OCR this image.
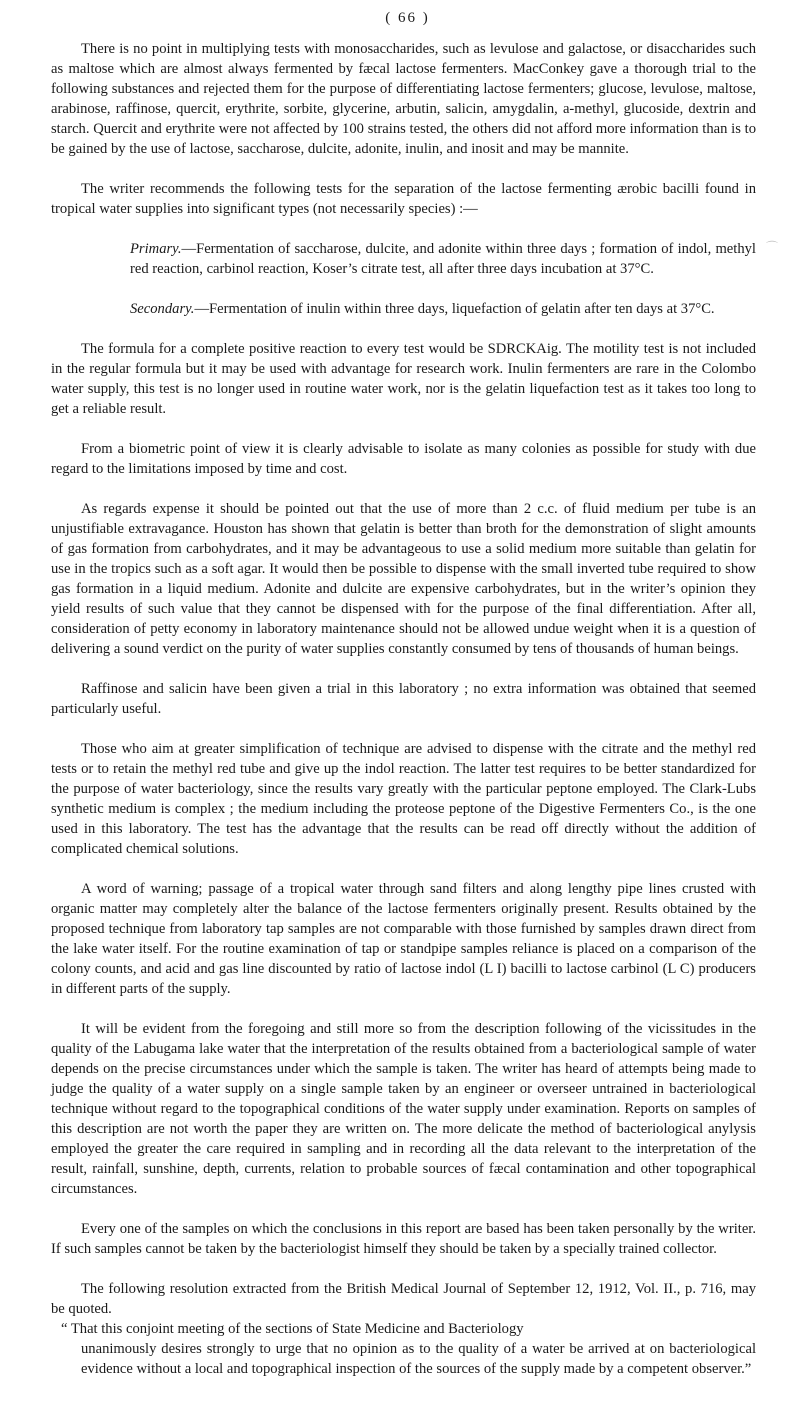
( 66 )

There is no point in multiplying tests with monosaccharides, such as levulose and galactose, or disaccharides such as maltose which are almost always fermented by fæcal lactose fermenters. MacConkey gave a thorough trial to the following substances and rejected them for the purpose of differentiating lactose fermenters; glucose, levulose, maltose, arabinose, raffinose, quercit, erythrite, sorbite, glycerine, arbutin, salicin, amygdalin, a-methyl, glucoside, dextrin and starch. Quercit and erythrite were not affected by 100 strains tested, the others did not afford more information than is to be gained by the use of lactose, saccharose, dulcite, adonite, inulin, and inosit and may be mannite.

The writer recommends the following tests for the separation of the lactose fermenting ærobic bacilli found in tropical water supplies into significant types (not necessarily species) :—

Primary.—Fermentation of saccharose, dulcite, and adonite within three days ; formation of indol, methyl red reaction, carbinol reaction, Koser’s citrate test, all after three days incubation at 37°C.

Secondary.—Fermentation of inulin within three days, liquefaction of gelatin after ten days at 37°C.

The formula for a complete positive reaction to every test would be SDRCKAig. The motility test is not included in the regular formula but it may be used with advantage for research work. Inulin fermenters are rare in the Colombo water supply, this test is no longer used in routine water work, nor is the gelatin liquefaction test as it takes too long to get a reliable result.

From a biometric point of view it is clearly advisable to isolate as many colonies as possible for study with due regard to the limitations imposed by time and cost.

As regards expense it should be pointed out that the use of more than 2 c.c. of fluid medium per tube is an unjustifiable extravagance. Houston has shown that gelatin is better than broth for the demonstration of slight amounts of gas formation from carbohydrates, and it may be advantageous to use a solid medium more suitable than gelatin for use in the tropics such as a soft agar. It would then be possible to dispense with the small inverted tube required to show gas formation in a liquid medium. Adonite and dulcite are expensive carbohydrates, but in the writer’s opinion they yield results of such value that they cannot be dispensed with for the purpose of the final differentiation. After all, consideration of petty economy in laboratory maintenance should not be allowed undue weight when it is a question of delivering a sound verdict on the purity of water supplies constantly consumed by tens of thousands of human beings.

Raffinose and salicin have been given a trial in this laboratory ; no extra information was obtained that seemed particularly useful.

Those who aim at greater simplification of technique are advised to dispense with the citrate and the methyl red tests or to retain the methyl red tube and give up the indol reaction. The latter test requires to be better standardized for the purpose of water bacteriology, since the results vary greatly with the particular peptone employed. The Clark-Lubs synthetic medium is complex ; the medium including the proteose peptone of the Digestive Fermenters Co., is the one used in this laboratory. The test has the advantage that the results can be read off directly without the addition of complicated chemical solutions.

A word of warning; passage of a tropical water through sand filters and along lengthy pipe lines crusted with organic matter may completely alter the balance of the lactose fermenters originally present. Results obtained by the proposed technique from laboratory tap samples are not comparable with those furnished by samples drawn direct from the lake water itself. For the routine examination of tap or standpipe samples reliance is placed on a comparison of the colony counts, and acid and gas line discounted by ratio of lactose indol (L I) bacilli to lactose carbinol (L C) producers in different parts of the supply.

It will be evident from the foregoing and still more so from the description following of the vicissitudes in the quality of the Labugama lake water that the interpretation of the results obtained from a bacteriological sample of water depends on the precise circumstances under which the sample is taken. The writer has heard of attempts being made to judge the quality of a water supply on a single sample taken by an engineer or overseer untrained in bacteriological technique without regard to the topographical conditions of the water supply under examination. Reports on samples of this description are not worth the paper they are written on. The more delicate the method of bacteriological anylysis employed the greater the care required in sampling and in recording all the data relevant to the interpretation of the result, rainfall, sunshine, depth, currents, relation to probable sources of fæcal contamination and other topographical circumstances.

Every one of the samples on which the conclusions in this report are based has been taken personally by the writer. If such samples cannot be taken by the bacteriologist himself they should be taken by a specially trained collector.

The following resolution extracted from the British Medical Journal of September 12, 1912, Vol. II., p. 716, may be quoted.

“ That this conjoint meeting of the sections of State Medicine and Bacteriology

unanimously desires strongly to urge that no opinion as to the quality of a water be arrived at on bacteriological evidence without a local and topographical inspection of the sources of the supply made by a competent observer.”

⌒
